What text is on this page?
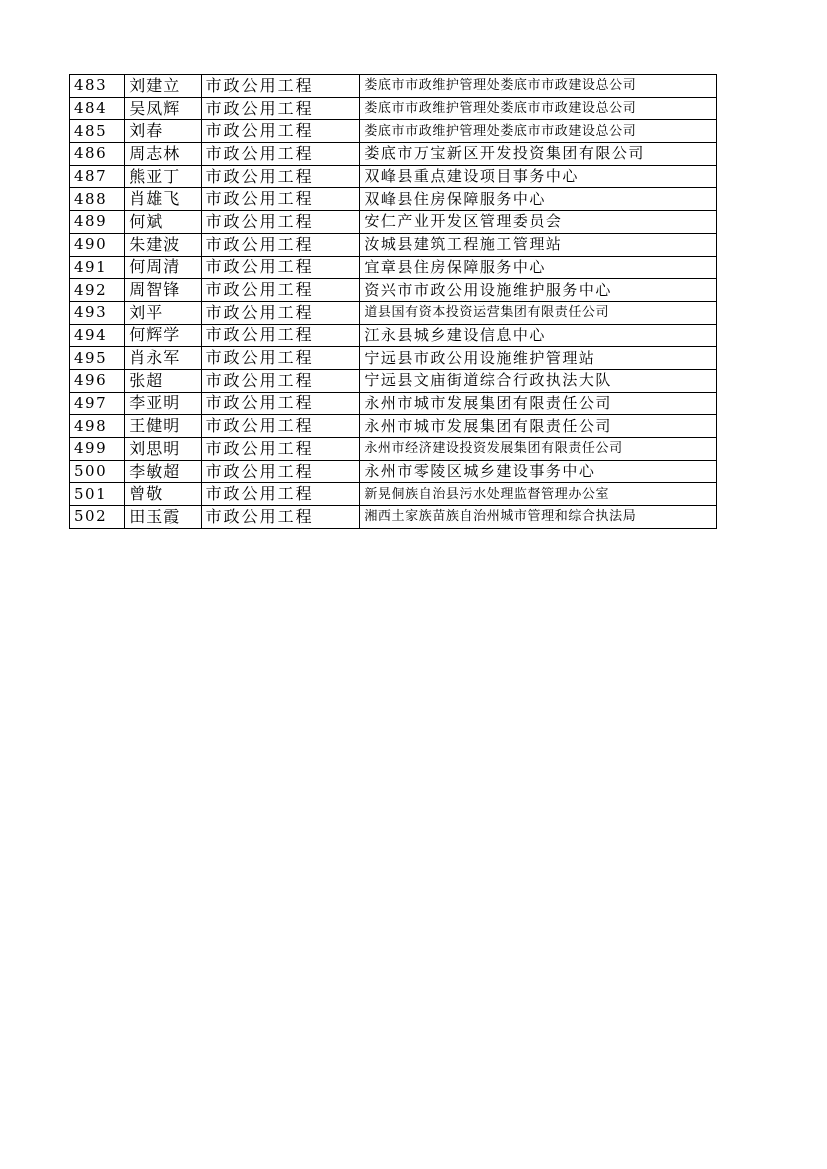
483	刘建立	市政公用工程	娄底市市政维护管理处娄底市市政建设总公司
484	吴凤辉	市政公用工程	娄底市市政维护管理处娄底市市政建设总公司
485	刘春	市政公用工程	娄底市市政维护管理处娄底市市政建设总公司
486	周志林	市政公用工程	娄底市万宝新区开发投资集团有限公司
487	熊亚丁	市政公用工程	双峰县重点建设项目事务中心
488	肖雄飞	市政公用工程	双峰县住房保障服务中心
489	何斌	市政公用工程	安仁产业开发区管理委员会
490	朱建波	市政公用工程	汝城县建筑工程施工管理站
491	何周清	市政公用工程	宜章县住房保障服务中心
492	周智锋	市政公用工程	资兴市市政公用设施维护服务中心
493	刘平	市政公用工程	道县国有资本投资运营集团有限责任公司
494	何辉学	市政公用工程	江永县城乡建设信息中心
495	肖永军	市政公用工程	宁远县市政公用设施维护管理站
496	张超	市政公用工程	宁远县文庙街道综合行政执法大队
497	李亚明	市政公用工程	永州市城市发展集团有限责任公司
498	王健明	市政公用工程	永州市城市发展集团有限责任公司
499	刘思明	市政公用工程	永州市经济建设投资发展集团有限责任公司
500	李敏超	市政公用工程	永州市零陵区城乡建设事务中心
501	曾敬	市政公用工程	新晃侗族自治县污水处理监督管理办公室
502	田玉霞	市政公用工程	湘西土家族苗族自治州城市管理和综合执法局
